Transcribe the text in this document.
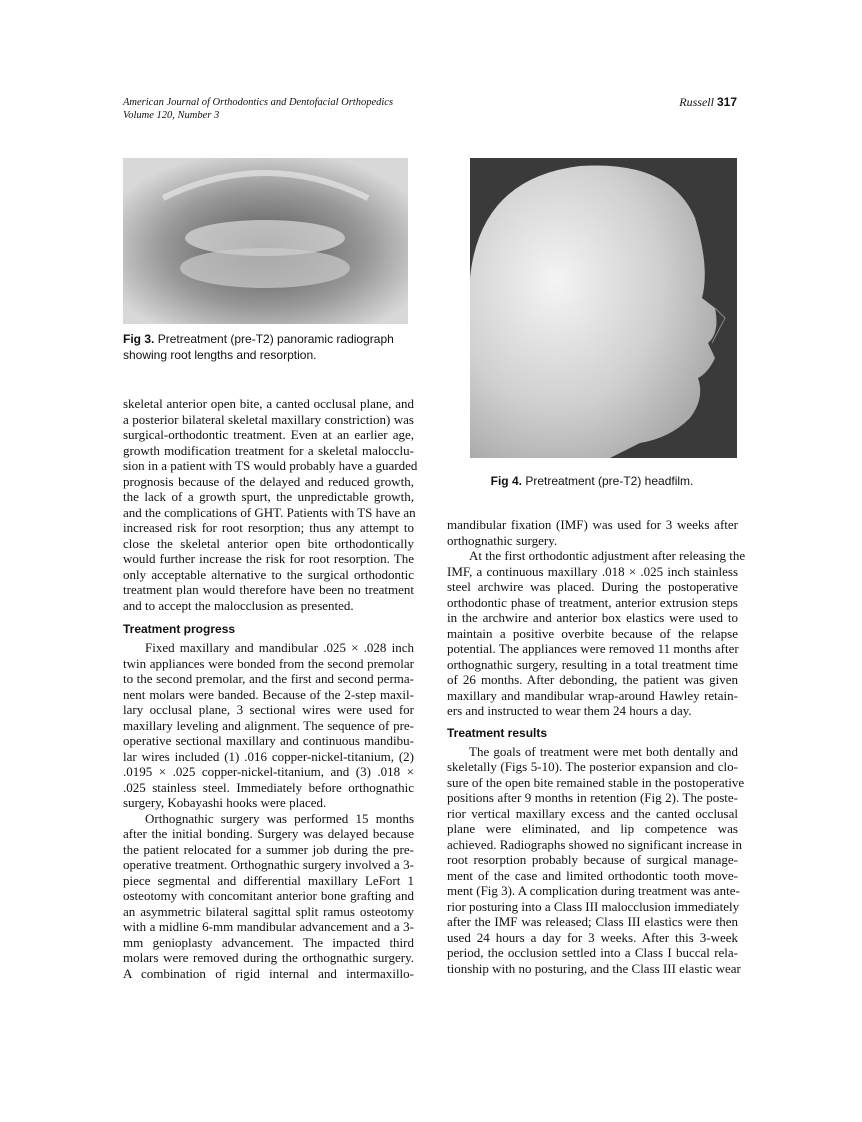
American Journal of Orthodontics and Dentofacial Orthopedics
Volume 120, Number 3
Russell 317
Fig 3. Pretreatment (pre-T2) panoramic radiograph
showing root lengths and resorption.
Fig 4. Pretreatment (pre-T2) headfilm.
skeletal anterior open bite, a canted occlusal plane, and
a posterior bilateral skeletal maxillary constriction) was
surgical-orthodontic treatment. Even at an earlier age,
growth modification treatment for a skeletal malocclu-
sion in a patient with TS would probably have a guarded
prognosis because of the delayed and reduced growth,
the lack of a growth spurt, the unpredictable growth,
and the complications of GHT. Patients with TS have an
increased risk for root resorption; thus any attempt to
close the skeletal anterior open bite orthodontically
would further increase the risk for root resorption. The
only acceptable alternative to the surgical orthodontic
treatment plan would therefore have been no treatment
and to accept the malocclusion as presented.
Treatment progress
Fixed maxillary and mandibular .025 × .028 inch
twin appliances were bonded from the second premolar
to the second premolar, and the first and second perma-
nent molars were banded. Because of the 2-step maxil-
lary occlusal plane, 3 sectional wires were used for
maxillary leveling and alignment. The sequence of pre-
operative sectional maxillary and continuous mandibu-
lar wires included (1) .016 copper-nickel-titanium, (2)
.0195 × .025 copper-nickel-titanium, and (3) .018 ×
.025 stainless steel. Immediately before orthognathic
surgery, Kobayashi hooks were placed.
Orthognathic surgery was performed 15 months
after the initial bonding. Surgery was delayed because
the patient relocated for a summer job during the pre-
operative treatment. Orthognathic surgery involved a 3-
piece segmental and differential maxillary LeFort 1
osteotomy with concomitant anterior bone grafting and
an asymmetric bilateral sagittal split ramus osteotomy
with a midline 6-mm mandibular advancement and a 3-
mm genioplasty advancement. The impacted third
molars were removed during the orthognathic surgery.
A combination of rigid internal and intermaxillo-
mandibular fixation (IMF) was used for 3 weeks after
orthognathic surgery.
At the first orthodontic adjustment after releasing the
IMF, a continuous maxillary .018 × .025 inch stainless
steel archwire was placed. During the postoperative
orthodontic phase of treatment, anterior extrusion steps
in the archwire and anterior box elastics were used to
maintain a positive overbite because of the relapse
potential. The appliances were removed 11 months after
orthognathic surgery, resulting in a total treatment time
of 26 months. After debonding, the patient was given
maxillary and mandibular wrap-around Hawley retain-
ers and instructed to wear them 24 hours a day.
Treatment results
The goals of treatment were met both dentally and
skeletally (Figs 5-10). The posterior expansion and clo-
sure of the open bite remained stable in the postoperative
positions after 9 months in retention (Fig 2). The poste-
rior vertical maxillary excess and the canted occlusal
plane were eliminated, and lip competence was
achieved. Radiographs showed no significant increase in
root resorption probably because of surgical manage-
ment of the case and limited orthodontic tooth move-
ment (Fig 3). A complication during treatment was ante-
rior posturing into a Class III malocclusion immediately
after the IMF was released; Class III elastics were then
used 24 hours a day for 3 weeks. After this 3-week
period, the occlusion settled into a Class I buccal rela-
tionship with no posturing, and the Class III elastic wear
